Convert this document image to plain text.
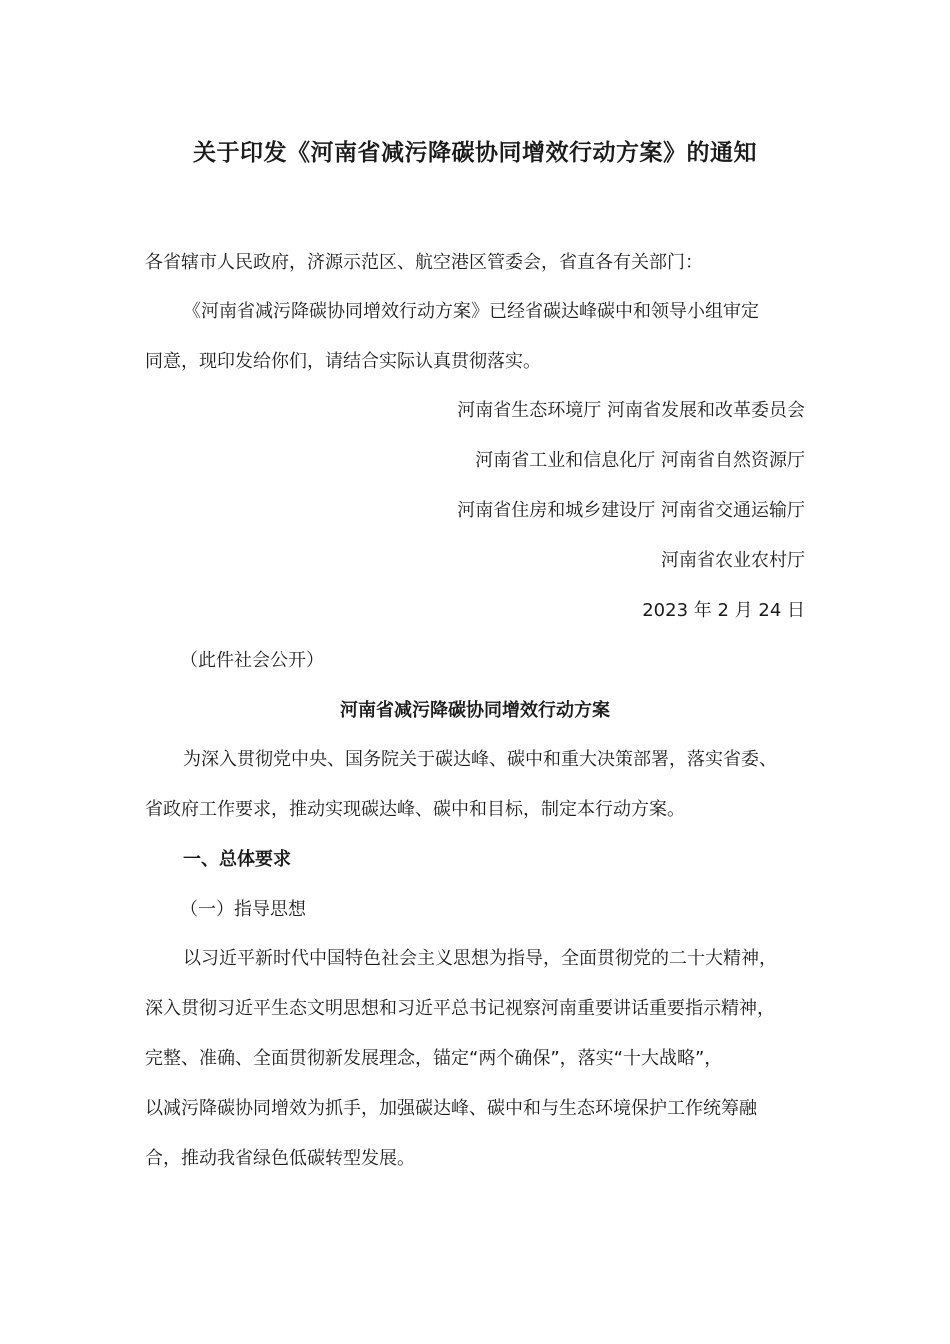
关于印发《河南省减污降碳协同增效行动方案》的通知
各省辖市人民政府，济源示范区、航空港区管委会，省直各有关部门：
《河南省减污降碳协同增效行动方案》已经省碳达峰碳中和领导小组审定
同意，现印发给你们，请结合实际认真贯彻落实。
河南省生态环境厅 河南省发展和改革委员会
河南省工业和信息化厅 河南省自然资源厅
河南省住房和城乡建设厅 河南省交通运输厅
河南省农业农村厅
2023 年 2 月 24 日
（此件社会公开）
河南省减污降碳协同增效行动方案
为深入贯彻党中央、国务院关于碳达峰、碳中和重大决策部署，落实省委、
省政府工作要求，推动实现碳达峰、碳中和目标，制定本行动方案。
一、总体要求
（一）指导思想
以习近平新时代中国特色社会主义思想为指导，全面贯彻党的二十大精神，
深入贯彻习近平生态文明思想和习近平总书记视察河南重要讲话重要指示精神，
完整、准确、全面贯彻新发展理念，锚定“两个确保”，落实“十大战略”，
以减污降碳协同增效为抓手，加强碳达峰、碳中和与生态环境保护工作统筹融
合，推动我省绿色低碳转型发展。
